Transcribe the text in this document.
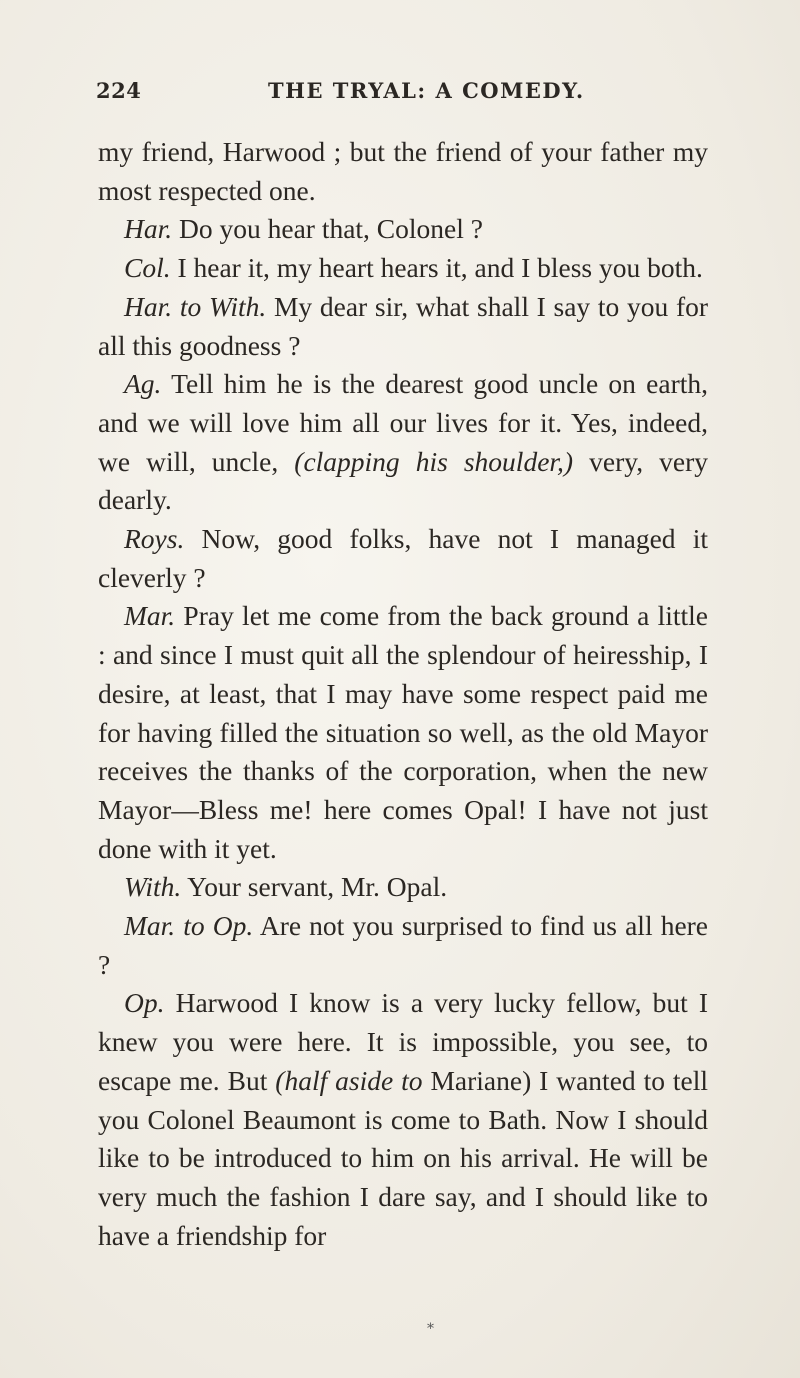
224	THE TRYAL: A COMEDY.

my friend, Harwood ; but the friend of your father my most respected one.

Har. Do you hear that, Colonel ?

Col. I hear it, my heart hears it, and I bless you both.

Har. to With. My dear sir, what shall I say to you for all this goodness ?

Ag. Tell him he is the dearest good uncle on earth, and we will love him all our lives for it. Yes, indeed, we will, uncle, (clapping his shoulder,) very, very dearly.

Roys. Now, good folks, have not I managed it cleverly ?

Mar. Pray let me come from the back ground a little : and since I must quit all the splendour of heiresship, I desire, at least, that I may have some respect paid me for having filled the situation so well, as the old Mayor receives the thanks of the corporation, when the new Mayor—Bless me! here comes Opal! I have not just done with it yet.

With. Your servant, Mr. Opal.

Mar. to Op. Are not you surprised to find us all here ?

Op. Harwood I know is a very lucky fellow, but I knew you were here. It is impossible, you see, to escape me. But (half aside to Mariane) I wanted to tell you Colonel Beaumont is come to Bath. Now I should like to be introduced to him on his arrival. He will be very much the fashion I dare say, and I should like to have a friendship for

*
